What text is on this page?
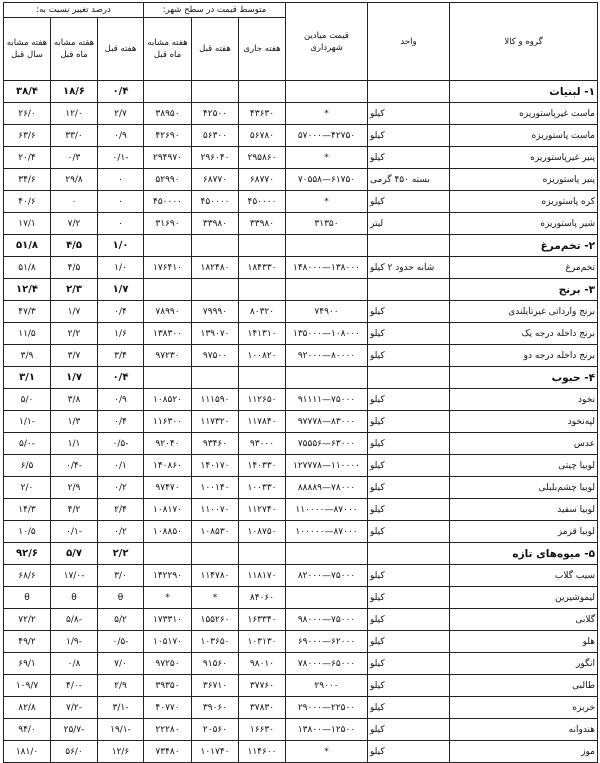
گروه و کالا	واحد	قیمت میادین شهرداری	متوسط قیمت در سطح شهر:			درصد تغییر نسبت به:		
			هفته جاری	هفته قبل	هفته مشابه ماه قبل	هفته قبل	هفته مشابه ماه قبل	هفته مشابه سال قبل
۱- لبنیات						۰/۴	۱۸/۶	۳۸/۴
ماست غیرپاستوریزه	کیلو	*	۴۳۶۳۰	۴۲۵۰۰	۳۸۹۵۰	۲/۷	۱۲/۰	۲۶/۰
ماست پاستوریزه	کیلو	۴۲۷۵۰—۵۷۰۰۰	۵۶۷۸۰	۵۶۳۰۰	۴۲۶۹۰	۰/۹	۳۳/۰	۶۳/۶
پنیر غیرپاستوریزه	کیلو	*	۲۹۵۸۶۰	۲۹۶۰۴۰	۲۹۴۹۷۰	-۰/۱	۰/۳	۲۰/۴
پنیر پاستوریزه	بسته ۴۵۰ گرمی	۶۱۷۵۰—۷۰۵۵۸	۶۸۷۷۰	۶۸۷۷۰	۵۲۹۹۰	۰	۲۹/۸	۳۴/۶
کره پاستوریزه	کیلو	*	۴۵۰۰۰۰	۴۵۰۰۰۰	۴۵۰۰۰۰	۰	۰	۴۰/۶
شیر پاستوریزه	لیتر	۳۱۳۵۰	۳۳۹۸۰	۳۳۹۸۰	۳۱۶۹۰	۰	۷/۲	۱۷/۱
۲- تخم‌مرغ						۱/۰	۴/۵	۵۱/۸
تخم‌مرغ	شانه حدود ۲ کیلو	۱۳۸۰۰۰—۱۴۸۰۰۰	۱۸۴۳۳۰	۱۸۲۴۸۰	۱۷۶۴۱۰	۱/۰	۴/۵	۵۱/۸
۳- برنج						۱/۷	۲/۳	۱۲/۴
برنج وارداتی غیرتایلندی	کیلو	۷۴۹۰۰	۸۰۳۲۰	۷۹۹۹۰	۷۸۹۹۰	۰/۴	۱/۷	۴۷/۳
برنج داخله درجه یک	کیلو	۱۰۸۰۰۰—۱۳۵۰۰۰	۱۴۱۳۱۰	۱۳۹۰۷۰	۱۳۸۳۰۰	۱/۶	۲/۲	۱۱/۵
برنج داخله درجه دو	کیلو	۸۰۰۰۰—۹۲۰۰۰	۱۰۰۸۲۰	۹۷۵۰۰	۹۷۲۳۰	۳/۴	۳/۷	۳/۹
۴- حبوب						۰/۴	۱/۷	۳/۱
نخود	کیلو	۷۵۰۰۰—۹۱۱۱۱	۱۱۲۶۵۰	۱۱۱۵۹۰	۱۰۸۵۲۰	۰/۹	۳/۸	۵/۰
لپه‌نخود	کیلو	۸۳۰۰۰—۹۷۷۷۸	۱۱۷۸۴۰	۱۱۷۳۲۰	۱۱۶۳۰۰	۰/۴	۱/۳	-۱/۱
عدس	کیلو	۶۳۰۰۰—۷۵۵۵۶	۹۳۰۰۰	۹۳۴۶۰	۹۲۰۴۰	-۰/۵	۱/۱	-۵/۰
لوبیا چیتی	کیلو	۱۱۰۰۰۰—۱۲۷۷۷۸	۱۴۰۳۳۰	۱۴۰۱۷۰	۱۴۰۸۶۰	۰/۱	-۰/۴	۶/۵
لوبیا چشم‌بلبلی	کیلو	۷۸۰۰۰—۸۸۸۸۹	۱۰۰۳۳۰	۱۰۰۱۴۰	۹۷۴۷۰	۰/۲	۲/۹	۲/۰
لوبیا سفید	کیلو	۸۷۰۰۰—۱۱۰۰۰۰	۱۱۲۷۴۰	۱۱۰۰۷۰	۱۰۸۱۷۰	۲/۴	۴/۲	۱۴/۳
لوبیا قرمز	کیلو	۸۷۰۰۰—۱۰۰۰۰۰	۱۰۸۷۵۰	۱۰۸۵۳۰	۱۰۸۸۵۰	۰/۲	-۰/۱	۱۰/۵
۵- میوه‌های تازه						۲/۲	۵/۷	۹۲/۶
سیب گلاب	کیلو	۷۵۰۰۰—۸۲۰۰۰	۱۱۸۱۷۰	۱۱۴۷۸۰	۱۴۲۲۹۰	۳/۰	-۱۷/۰	۶۸/۶
لیموشیرین	کیلو		۸۴۰۶۰	*	*	θ	θ	θ
گلابی	کیلو	۷۵۰۰۰—۹۸۰۰۰	۱۶۳۳۴۰	۱۵۵۲۶۰	۱۷۳۳۱۰	۵/۲	-۵/۸	۷۲/۲
هلو	کیلو	۶۲۰۰۰—۶۹۰۰۰	۱۰۳۱۳۰	۱۰۳۶۵۰	۱۰۵۱۷۰	-۰/۵	-۱/۹	۴۹/۲
انگور	کیلو	۶۵۰۰۰—۷۸۰۰۰	۹۸۰۱۰	۹۱۵۶۰	۹۷۲۵۰	۷/۰	۰/۸	۶۹/۱
طالبی	کیلو	۲۹۰۰۰	۳۷۷۶۰	۳۶۷۱۰	۳۹۳۵۰	۲/۹	-۴/۰	۱۰۹/۷
خربزه	کیلو	۲۲۵۰۰—۲۹۰۰۰	۳۷۸۳۰	۳۹۰۶۰	۴۰۷۷۰	-۳/۱	-۷/۲	۸۲/۸
هندوانه	کیلو	۱۲۵۰۰—۱۳۸۰۰	۱۶۶۳۰	۲۰۵۶۰	۲۲۲۸۰	-۱۹/۱	-۲۵/۷	۹۴/۰
موز	کیلو	*	۱۱۴۶۰۰	۱۰۱۷۴۰	۷۳۴۸۰	۱۲/۶	۵۶/۰	۱۸۱/۰
